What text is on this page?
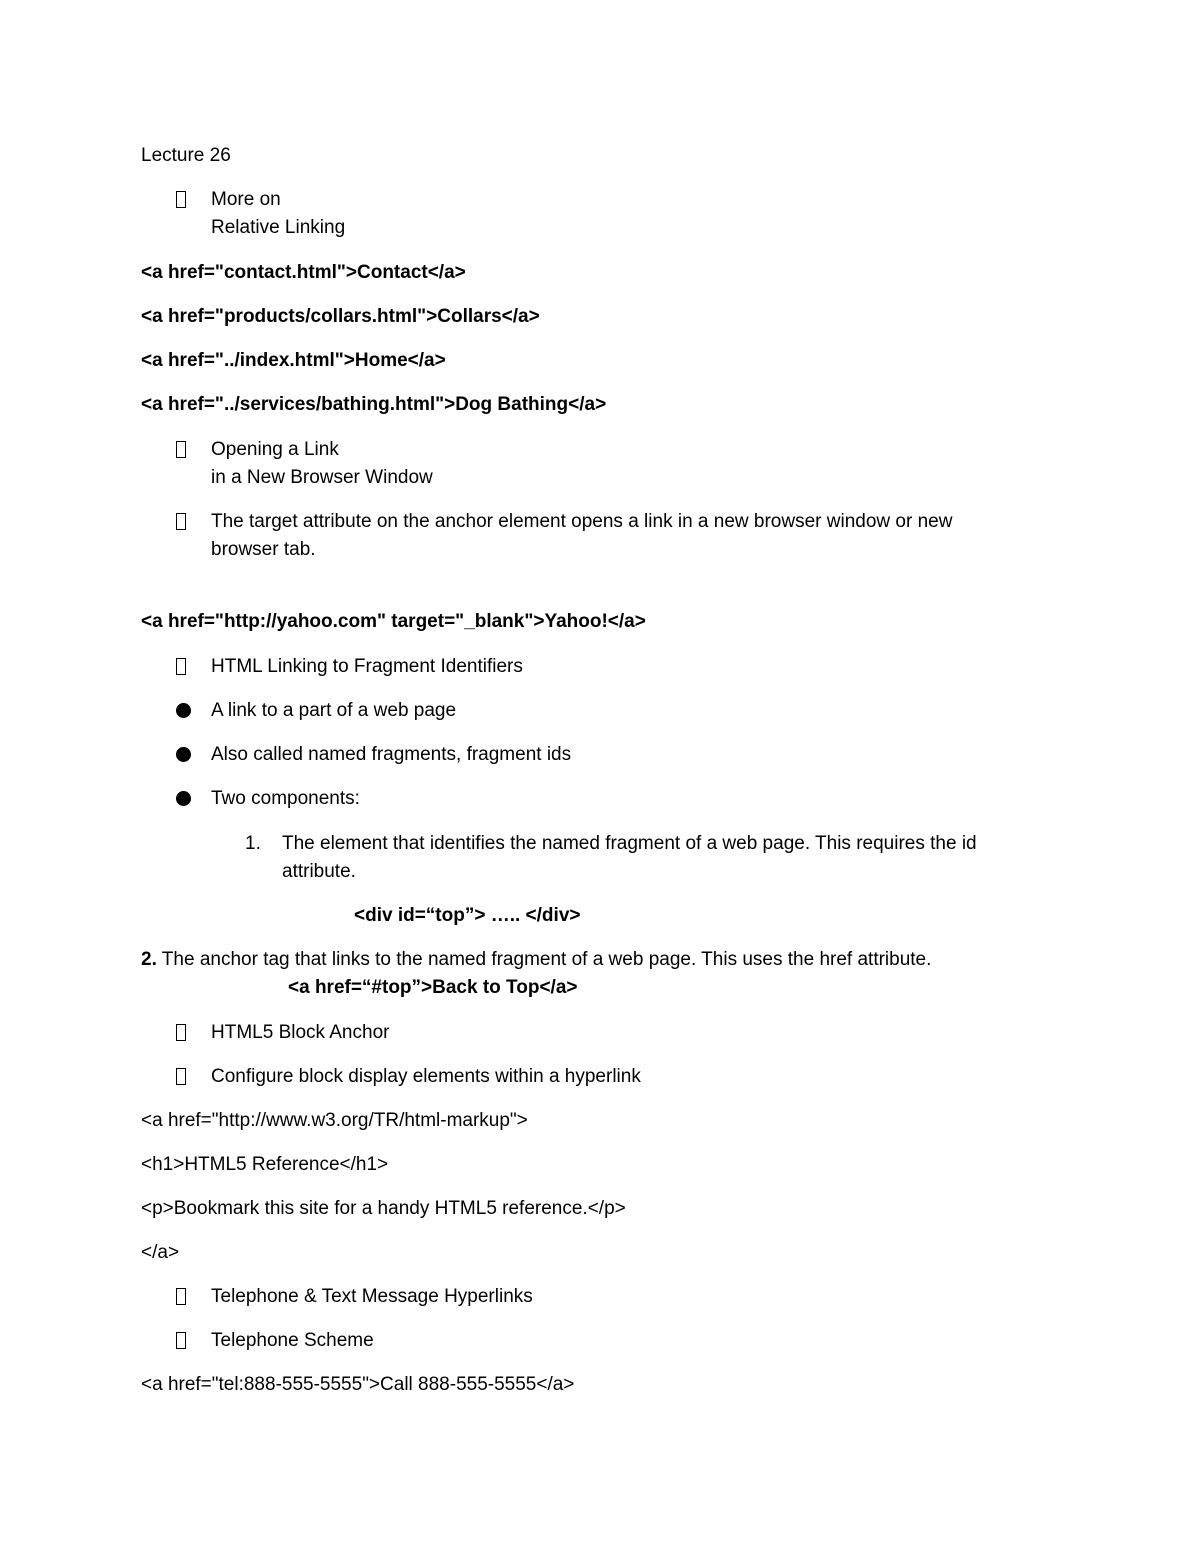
Lecture 26
More on
Relative Linking
<a href="contact.html">Contact</a>
<a href="products/collars.html">Collars</a>
<a href="../index.html">Home</a>
<a href="../services/bathing.html">Dog Bathing</a>
Opening a Link
in a New Browser Window
The target attribute on the anchor element opens a link in a new browser window or new
browser tab.
<a href="http://yahoo.com" target="_blank">Yahoo!</a>
HTML Linking to Fragment Identifiers
A link to a part of a web page
Also called named fragments, fragment ids
Two components:
1. The element that identifies the named fragment of a web page. This requires the id
attribute.
<div id=“top”> ….. </div>
2. The anchor tag that links to the named fragment of a web page. This uses the href attribute.
<a href=“#top”>Back to Top</a>
HTML5 Block Anchor
Configure block display elements within a hyperlink
<a href="http://www.w3.org/TR/html-markup">
<h1>HTML5 Reference</h1>
<p>Bookmark this site for a handy HTML5 reference.</p>
</a>
Telephone & Text Message Hyperlinks
Telephone Scheme
<a href="tel:888-555-5555">Call 888-555-5555</a>
